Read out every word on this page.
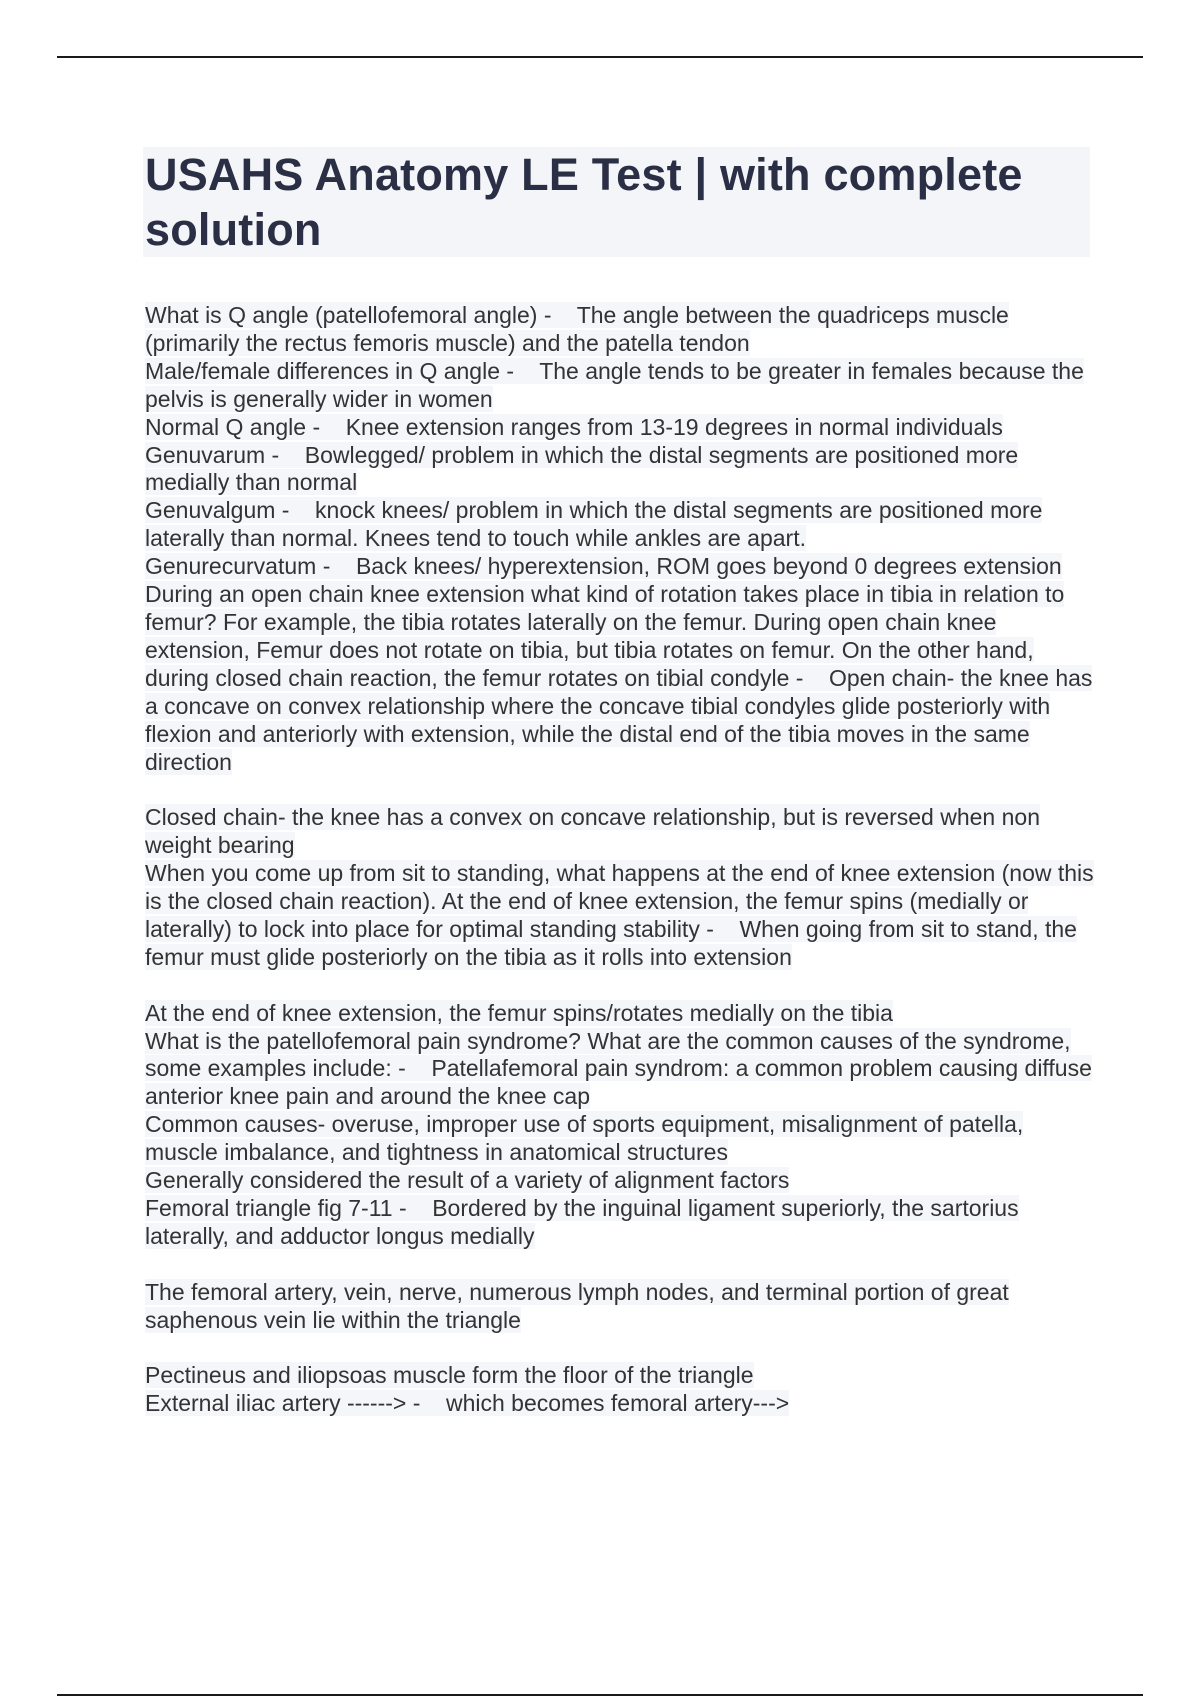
USAHS Anatomy LE Test | with complete solution

What is Q angle (patellofemoral angle) -    The angle between the quadriceps muscle (primarily the rectus femoris muscle) and the patella tendon

Male/female differences in Q angle -    The angle tends to be greater in females because the pelvis is generally wider in women

Normal Q angle -    Knee extension ranges from 13-19 degrees in normal individuals

Genuvarum -    Bowlegged/ problem in which the distal segments are positioned more medially than normal

Genuvalgum -    knock knees/ problem in which the distal segments are positioned more laterally than normal. Knees tend to touch while ankles are apart.

Genurecurvatum -    Back knees/ hyperextension, ROM goes beyond 0 degrees extension

During an open chain knee extension what kind of rotation takes place in tibia in relation to femur? For example, the tibia rotates laterally on the femur. During open chain knee extension, Femur does not rotate on tibia, but tibia rotates on femur. On the other hand, during closed chain reaction, the femur rotates on tibial condyle -    Open chain- the knee has a concave on convex relationship where the concave tibial condyles glide posteriorly with flexion and anteriorly with extension, while the distal end of the tibia moves in the same direction

Closed chain- the knee has a convex on concave relationship, but is reversed when non weight bearing

When you come up from sit to standing, what happens at the end of knee extension (now this is the closed chain reaction). At the end of knee extension, the femur spins (medially or laterally) to lock into place for optimal standing stability -    When going from sit to stand, the femur must glide posteriorly on the tibia as it rolls into extension

At the end of knee extension, the femur spins/rotates medially on the tibia

What is the patellofemoral pain syndrome? What are the common causes of the syndrome, some examples include: -    Patellafemoral pain syndrom: a common problem causing diffuse anterior knee pain and around the knee cap

Common causes- overuse, improper use of sports equipment, misalignment of patella, muscle imbalance, and tightness in anatomical structures

Generally considered the result of a variety of alignment factors

Femoral triangle fig 7-11 -    Bordered by the inguinal ligament superiorly, the sartorius laterally, and adductor longus medially

The femoral artery, vein, nerve, numerous lymph nodes, and terminal portion of great saphenous vein lie within the triangle

Pectineus and iliopsoas muscle form the floor of the triangle

External iliac artery ------> -    which becomes femoral artery--->
